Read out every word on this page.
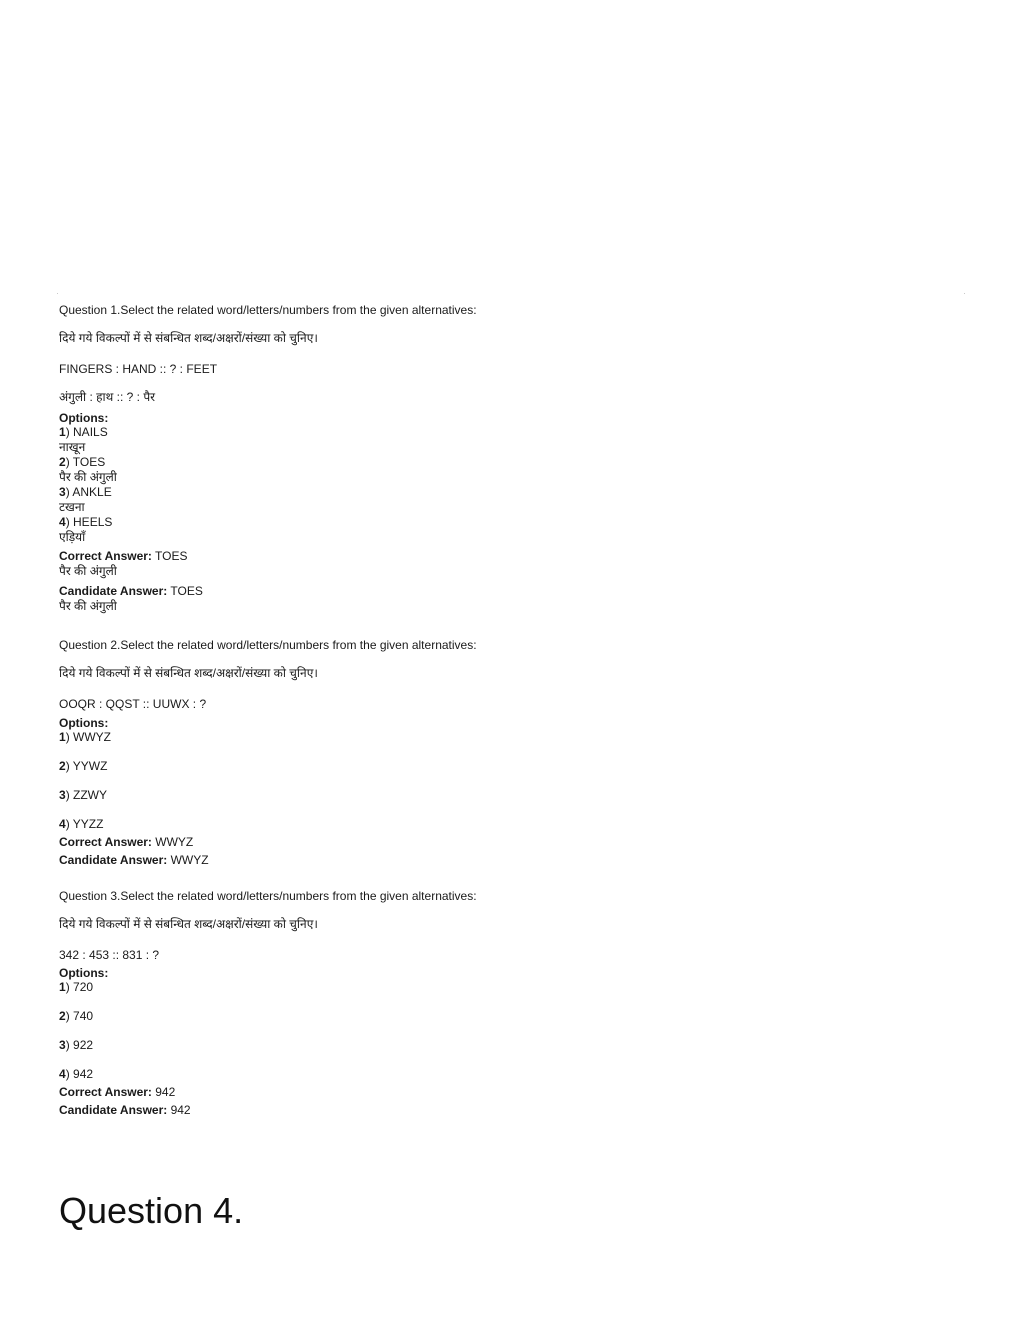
Question 1.Select the related word/letters/numbers from the given alternatives:
दिये गये विकल्पों में से संबन्धित शब्द/अक्षरों/संख्या को चुनिए।
FINGERS : HAND :: ? : FEET
अंगुली : हाथ :: ? : पैर
Options:
1) NAILS
नाखून
2) TOES
पैर की अंगुली
3) ANKLE
टखना
4) HEELS
एड़ियाँ
Correct Answer: TOES
पैर की अंगुली
Candidate Answer: TOES
पैर की अंगुली
Question 2.Select the related word/letters/numbers from the given alternatives:
दिये गये विकल्पों में से संबन्धित शब्द/अक्षरों/संख्या को चुनिए।
OOQR : QQST :: UUWX : ?
Options:
1) WWYZ
2) YYWZ
3) ZZWY
4) YYZZ
Correct Answer: WWYZ
Candidate Answer: WWYZ
Question 3.Select the related word/letters/numbers from the given alternatives:
दिये गये विकल्पों में से संबन्धित शब्द/अक्षरों/संख्या को चुनिए।
342 : 453 :: 831 : ?
Options:
1) 720
2) 740
3) 922
4) 942
Correct Answer: 942
Candidate Answer: 942
Question 4.
